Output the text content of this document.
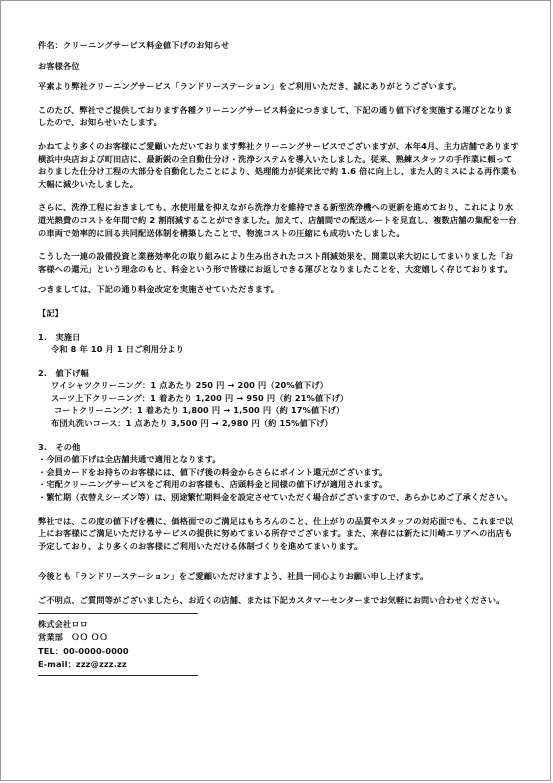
件名：クリーニングサービス料金値下げのお知らせ

お客様各位

平素より弊社クリーニングサービス「ランドリーステーション」をご利用いただき、誠にありがとうございます。

このたび、弊社でご提供しております各種クリーニングサービス料金につきまして、下記の通り値下げを実施する運びとなりましたので、お知らせいたします。

かねてより多くのお客様にご愛顧いただいております弊社クリーニングサービスでございますが、本年4月、主力店舗であります横浜中央店および町田店に、最新鋭の全自動仕分け・洗浄システムを導入いたしました。従来、熟練スタッフの手作業に頼っておりました仕分け工程の大部分を自動化したことにより、処理能力が従来比で約 1.6 倍に向上し、また人的ミスによる再作業も大幅に減少いたしました。

さらに、洗浄工程におきましても、水使用量を抑えながら洗浄力を維持できる新型洗浄機への更新を進めており、これにより水道光熱費のコストを年間で約 2 割削減することができました。加えて、店舗間での配送ルートを見直し、複数店舗の集配を一台の車両で効率的に回る共同配送体制を構築したことで、物流コストの圧縮にも成功いたしました。

こうした一連の設備投資と業務効率化の取り組みにより生み出されたコスト削減効果を、開業以来大切にしてまいりました「お客様への還元」という理念のもと、料金という形で皆様にお返しできる運びとなりましたことを、大変嬉しく存じております。

つきましては、下記の通り料金改定を実施させていただきます。

【記】

1.　実施日

令和 8 年 10 月 1 日ご利用分より

2.　値下げ幅

ワイシャツクリーニング：1 点あたり 250 円 → 200 円（20%値下げ）

スーツ上下クリーニング：1 着あたり 1,200 円 → 950 円（約 21%値下げ）

コートクリーニング：1 着あたり 1,800 円 → 1,500 円（約 17%値下げ）

布団丸洗いコース：1 点あたり 3,500 円 → 2,980 円（約 15%値下げ）

3.　その他

・今回の値下げは全店舗共通で適用となります。

・会員カードをお持ちのお客様には、値下げ後の料金からさらにポイント還元がございます。

・宅配クリーニングサービスをご利用のお客様も、店頭料金と同様の値下げが適用されます。

・繁忙期（衣替えシーズン等）は、別途繁忙期料金を設定させていただく場合がございますので、あらかじめご了承ください。

弊社では、この度の値下げを機に、価格面でのご満足はもちろんのこと、仕上がりの品質やスタッフの対応面でも、これまで以上にお客様にご満足いただけるサービスの提供に努めてまいる所存でございます。また、来春には新たに川崎エリアへの出店も予定しており、より多くのお客様にご利用いただける体制づくりを進めてまいります。

今後とも「ランドリーステーション」をご愛顧いただけますよう、社員一同心よりお願い申し上げます。

ご不明点、ご質問等がございましたら、お近くの店舗、または下記カスタマーセンターまでお気軽にお問い合わせください。

株式会社ロロ

営業部　ＯＯ ＯＯ

TEL：00-0000-0000

E-mail：zzz@zzz.zz
